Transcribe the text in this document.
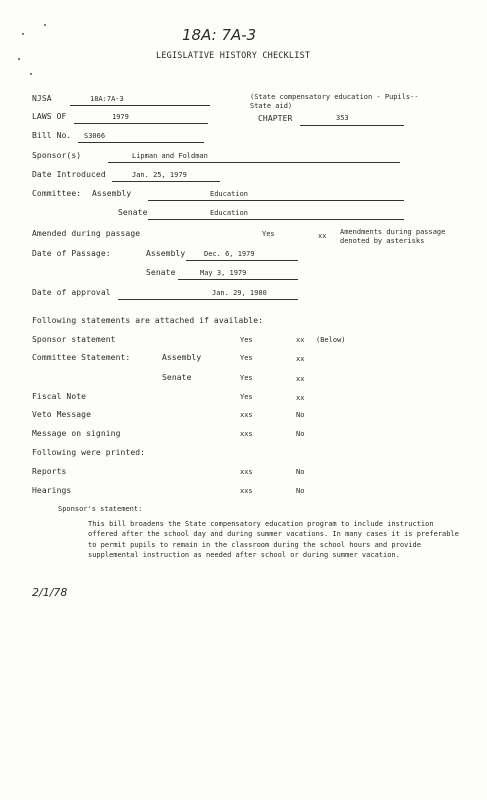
18A: 7A-3
LEGISLATIVE HISTORY CHECKLIST
NJSA	18A:7A-3	(State compensatory education - Pupils--
State aid)
LAWS OF	1979	CHAPTER	353
Bill No. S3066
Sponsor(s)	Lipman and Foldman
Date Introduced	Jan. 25, 1979
Committee: Assembly	Education
Senate	Education
Amended during passage	Yes	xx Amendments during passage
denoted by asterisks
Date of Passage:	Assembly	Dec. 6, 1979
Senate	May 3, 1979
Date of approval	Jan. 29, 1980
Following statements are attached if available:
Sponsor statement	Yes	xx (Below)
Committee Statement:	Assembly	Yes	xx
Senate	Yes	xx
Fiscal Note	Yes	xx
Veto Message	xxs	No
Message on signing	xxs	No
Following were printed:
Reports	xxs	No
Hearings	xxs	No
Sponsor's statement:
This bill broadens the State compensatory education program to include instruction offered after the school day and during summer vacations. In many cases it is preferable to permit pupils to remain in the classroom during the school hours and provide supplemental instruction as needed after school or during summer vacation.
2/1/78
